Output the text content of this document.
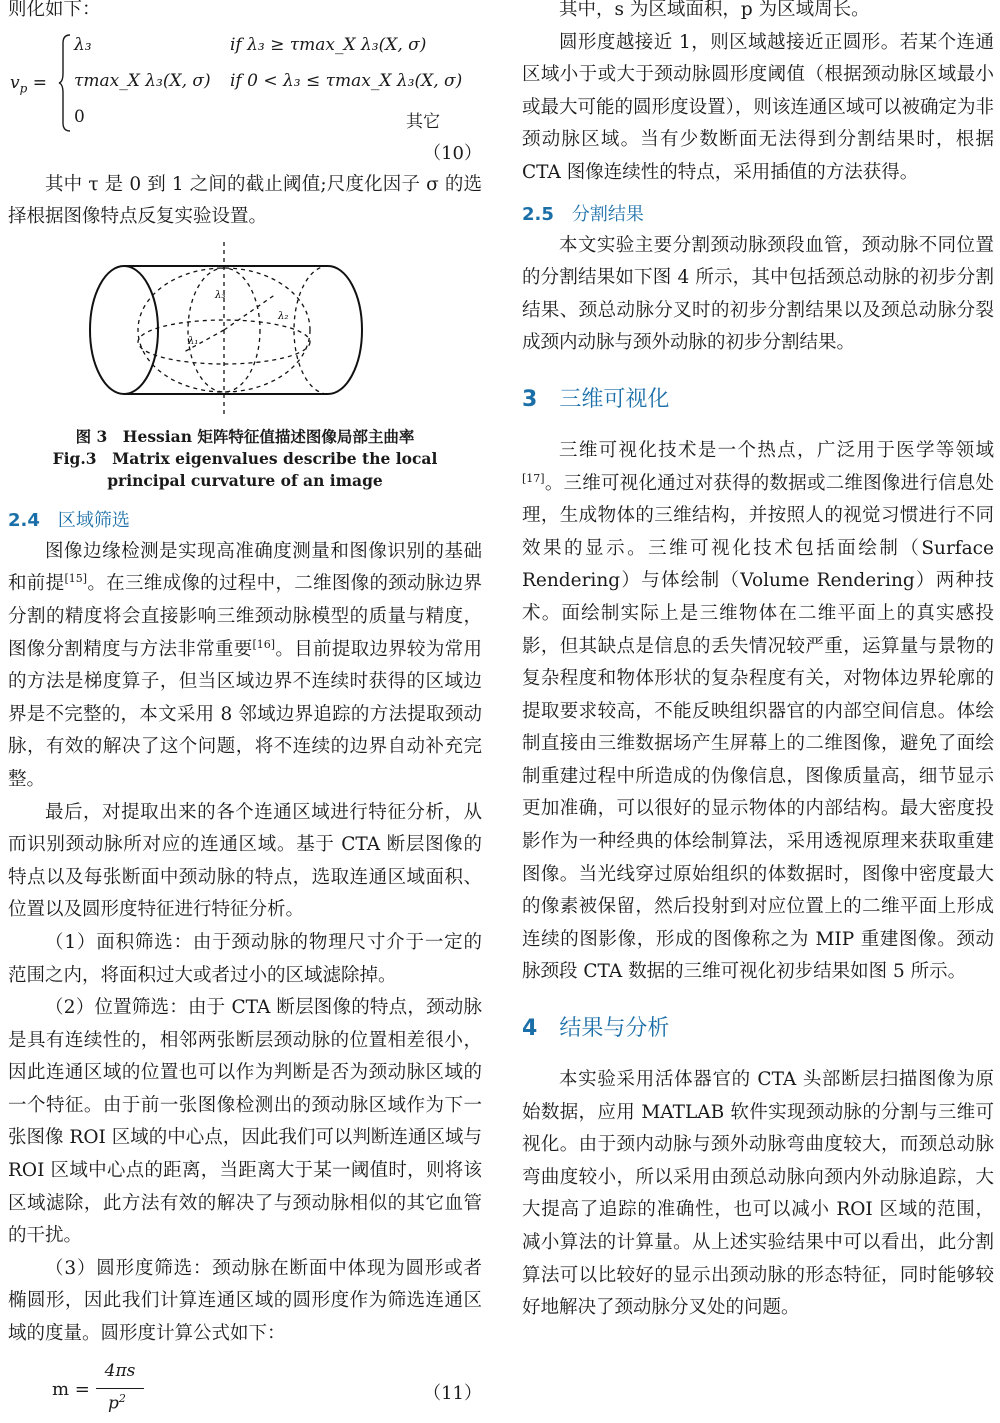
则化如下：

$v_p$ =
λ₃	if λ₃ ≥ τmax_X λ₃(X, σ)
τmax_X λ₃(X, σ) if 0 < λ₃ ≤ τmax_X λ₃(X, σ)
0	其它
（10）

其中 τ 是 0 到 1 之间的截止阈值;尺度化因子 σ 的选择根据图像特点反复实验设置。

λ₃
λ₂
λ₁
图 3　Hessian 矩阵特征值描述图像局部主曲率
Fig.3　Matrix eigenvalues describe the local
principal curvature of an image
2.4 区域筛选

图像边缘检测是实现高准确度测量和图像识别的基础和前提[15]。在三维成像的过程中，二维图像的颈动脉边界分割的精度将会直接影响三维颈动脉模型的质量与精度，图像分割精度与方法非常重要[16]。目前提取边界较为常用的方法是梯度算子，但当区域边界不连续时获得的区域边界是不完整的，本文采用 8 邻域边界追踪的方法提取颈动脉，有效的解决了这个问题，将不连续的边界自动补充完整。

最后，对提取出来的各个连通区域进行特征分析，从而识别颈动脉所对应的连通区域。基于 CTA 断层图像的特点以及每张断面中颈动脉的特点，选取连通区域面积、位置以及圆形度特征进行特征分析。

（1）面积筛选：由于颈动脉的物理尺寸介于一定的范围之内，将面积过大或者过小的区域滤除掉。

（2）位置筛选：由于 CTA 断层图像的特点，颈动脉是具有连续性的，相邻两张断层颈动脉的位置相差很小，因此连通区域的位置也可以作为判断是否为颈动脉区域的一个特征。由于前一张图像检测出的颈动脉区域作为下一张图像 ROI 区域的中心点，因此我们可以判断连通区域与 ROI 区域中心点的距离，当距离大于某一阈值时，则将该区域滤除，此方法有效的解决了与颈动脉相似的其它血管的干扰。

（3）圆形度筛选：颈动脉在断面中体现为圆形或者椭圆形，因此我们计算连通区域的圆形度作为筛选连通区域的度量。圆形度计算公式如下：

m =
4πs
$p^2$	（11）

其中，s 为区域面积，p 为区域周长。

圆形度越接近 1，则区域越接近正圆形。若某个连通区域小于或大于颈动脉圆形度阈值（根据颈动脉区域最小或最大可能的圆形度设置），则该连通区域可以被确定为非颈动脉区域。当有少数断面无法得到分割结果时，根据 CTA 图像连续性的特点，采用插值的方法获得。

2.5 分割结果

本文实验主要分割颈动脉颈段血管，颈动脉不同位置的分割结果如下图 4 所示，其中包括颈总动脉的初步分割结果、颈总动脉分叉时的初步分割结果以及颈总动脉分裂成颈内动脉与颈外动脉的初步分割结果。

3 三维可视化

三维可视化技术是一个热点，广泛用于医学等领域[17]。三维可视化通过对获得的数据或二维图像进行信息处理，生成物体的三维结构，并按照人的视觉习惯进行不同效果的显示。三维可视化技术包括面绘制（Surface Rendering）与体绘制（Volume Rendering）两种技术。面绘制实际上是三维物体在二维平面上的真实感投影，但其缺点是信息的丢失情况较严重，运算量与景物的复杂程度和物体形状的复杂程度有关，对物体边界轮廓的提取要求较高，不能反映组织器官的内部空间信息。体绘制直接由三维数据场产生屏幕上的二维图像，避免了面绘制重建过程中所造成的伪像信息，图像质量高，细节显示更加准确，可以很好的显示物体的内部结构。最大密度投影作为一种经典的体绘制算法，采用透视原理来获取重建图像。当光线穿过原始组织的体数据时，图像中密度最大的像素被保留，然后投射到对应位置上的二维平面上形成连续的图影像，形成的图像称之为 MIP 重建图像。颈动脉颈段 CTA 数据的三维可视化初步结果如图 5 所示。

4 结果与分析

本实验采用活体器官的 CTA 头部断层扫描图像为原始数据，应用 MATLAB 软件实现颈动脉的分割与三维可视化。由于颈内动脉与颈外动脉弯曲度较大，而颈总动脉弯曲度较小，所以采用由颈总动脉向颈内外动脉追踪，大大提高了追踪的准确性，也可以减小 ROI 区域的范围，减小算法的计算量。从上述实验结果中可以看出，此分割算法可以比较好的显示出颈动脉的形态特征，同时能够较好地解决了颈动脉分叉处的问题。
